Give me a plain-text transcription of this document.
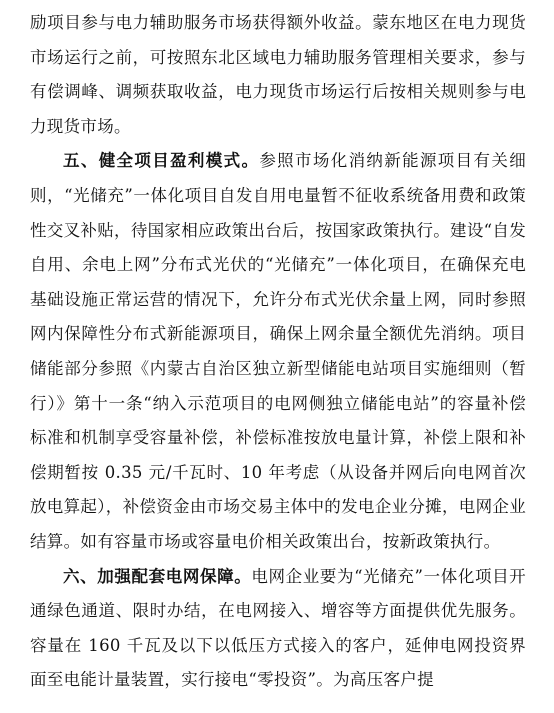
励项目参与电力辅助服务市场获得额外收益。蒙东地区在电力现货市场运行之前，可按照东北区域电力辅助服务管理相关要求，参与有偿调峰、调频获取收益，电力现货市场运行后按相关规则参与电力现货市场。

五、健全项目盈利模式。参照市场化消纳新能源项目有关细则，“光储充”一体化项目自发自用电量暂不征收系统备用费和政策性交叉补贴，待国家相应政策出台后，按国家政策执行。建设“自发自用、余电上网”分布式光伏的“光储充”一体化项目，在确保充电基础设施正常运营的情况下，允许分布式光伏余量上网，同时参照网内保障性分布式新能源项目，确保上网余量全额优先消纳。项目储能部分参照《内蒙古自治区独立新型储能电站项目实施细则（暂行）》第十一条“纳入示范项目的电网侧独立储能电站”的容量补偿标准和机制享受容量补偿，补偿标准按放电量计算，补偿上限和补偿期暂按 0.35 元/千瓦时、10 年考虑（从设备并网后向电网首次放电算起），补偿资金由市场交易主体中的发电企业分摊，电网企业结算。如有容量市场或容量电价相关政策出台，按新政策执行。

六、加强配套电网保障。电网企业要为“光储充”一体化项目开通绿色通道、限时办结，在电网接入、增容等方面提供优先服务。容量在 160 千瓦及以下以低压方式接入的客户，延伸电网投资界面至电能计量装置，实行接电“零投资”。为高压客户提
